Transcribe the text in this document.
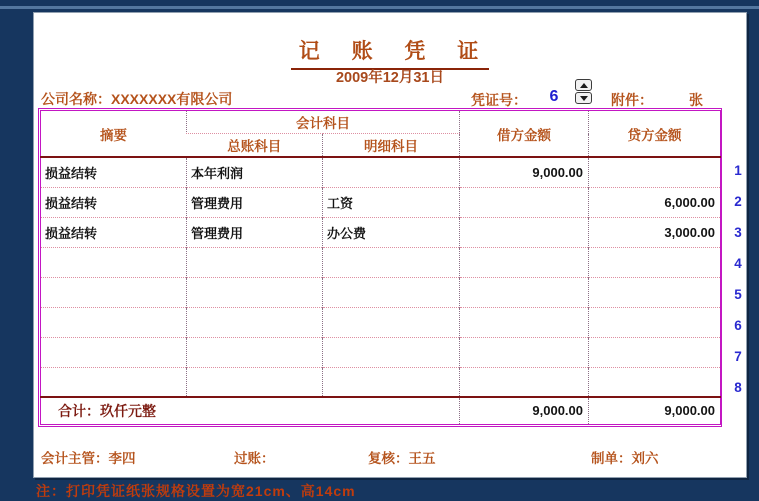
记 账 凭 证
2009年12月31日
公司名称：XXXXXXX有限公司	凭证号：	6	附件：	张
摘要	会计科目		借方金额	贷方金额
	总账科目	明细科目		
损益结转	本年利润		9,000.00	
损益结转	管理费用	工资		6,000.00
损益结转	管理费用	办公费		3,000.00

合计：玖仟元整			9,000.00	9,000.00
1
2
3
4
5
6
7
8
会计主管：李四	过账：	复核：王五	制单：刘六
注：打印凭证纸张规格设置为宽21cm、高14cm
